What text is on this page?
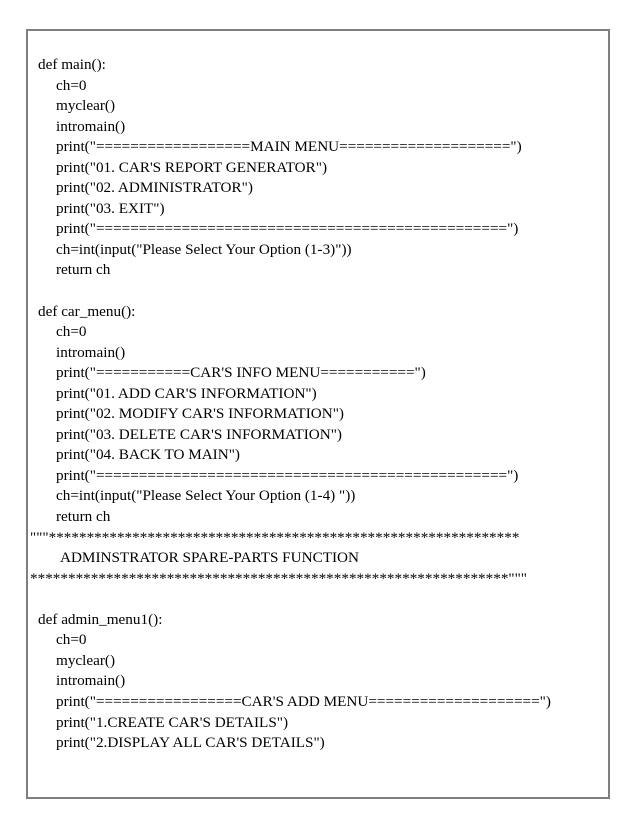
def main():
ch=0
myclear()
intromain()
print("==================MAIN MENU====================")
print("01. CAR'S REPORT GENERATOR")
print("02. ADMINISTRATOR")
print("03. EXIT")
print("================================================")
ch=int(input("Please Select Your Option (1-3)"))
return ch
def car_menu():
ch=0
intromain()
print("===========CAR'S INFO MENU===========")
print("01. ADD CAR'S INFORMATION")
print("02. MODIFY CAR'S INFORMATION")
print("03. DELETE CAR'S INFORMATION")
print("04. BACK TO MAIN")
print("================================================")
ch=int(input("Please Select Your Option (1-4) "))
return ch
"""**************************************************************
ADMINSTRATOR SPARE-PARTS FUNCTION
***************************************************************"""
def admin_menu1():
ch=0
myclear()
intromain()
print("=================CAR'S ADD MENU====================")
print("1.CREATE CAR'S DETAILS")
print("2.DISPLAY ALL CAR'S DETAILS")
